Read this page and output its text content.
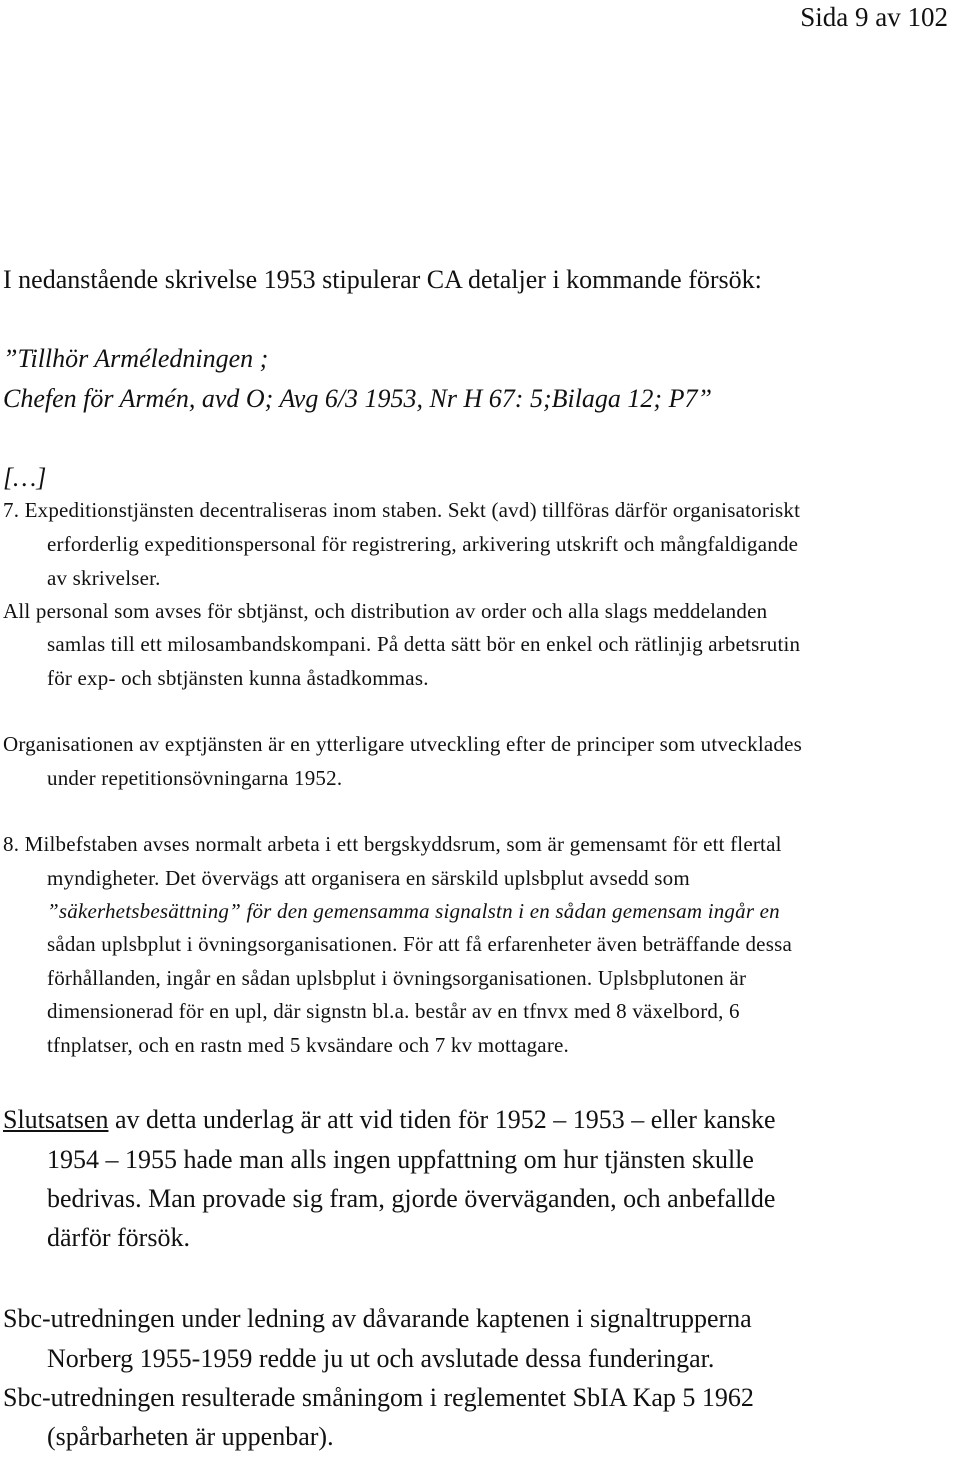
Sida 9 av 102
I nedanstående skrivelse 1953 stipulerar CA detaljer i kommande försök:
”Tillhör Arméledningen ;
Chefen för Armén, avd O; Avg 6/3 1953, Nr H 67: 5;Bilaga 12; P7”
[…]
7. Expeditionstjänsten decentraliseras inom staben. Sekt (avd) tillföras därför organisatoriskt
erforderlig expeditionspersonal för registrering, arkivering utskrift och mångfaldigande
av skrivelser.
All personal som avses för sbtjänst, och distribution av order och alla slags meddelanden
samlas till ett milosambandskompani. På detta sätt bör en enkel och rätlinjig arbetsrutin
för exp- och sbtjänsten kunna åstadkommas.
Organisationen av exptjänsten är en ytterligare utveckling efter de principer som utvecklades
under repetitionsövningarna 1952.
8. Milbefstaben avses normalt arbeta i ett bergskyddsrum, som är gemensamt för ett flertal
myndigheter. Det övervägs att organisera en särskild uplsbplut avsedd som
”säkerhetsbesättning” för den gemensamma signalstn i en sådan gemensam ingår en
sådan uplsbplut i övningsorganisationen. För att få erfarenheter även beträffande dessa
förhållanden, ingår en sådan uplsbplut i övningsorganisationen. Uplsbplutonen är
dimensionerad för en upl, där signstn bl.a. består av en tfnvx med 8 växelbord, 6
tfnplatser, och en rastn med 5 kvsändare och 7 kv mottagare.
Slutsatsen av detta underlag är att vid tiden för 1952 – 1953 – eller kanske
1954 – 1955 hade man alls ingen uppfattning om hur tjänsten skulle
bedrivas. Man provade sig fram, gjorde överväganden, och anbefallde
därför försök.
Sbc-utredningen under ledning av dåvarande kaptenen i signaltrupperna
Norberg 1955-1959 redde ju ut och avslutade dessa funderingar.
Sbc-utredningen resulterade småningom i reglementet SbIA Kap 5 1962
(spårbarheten är uppenbar).
